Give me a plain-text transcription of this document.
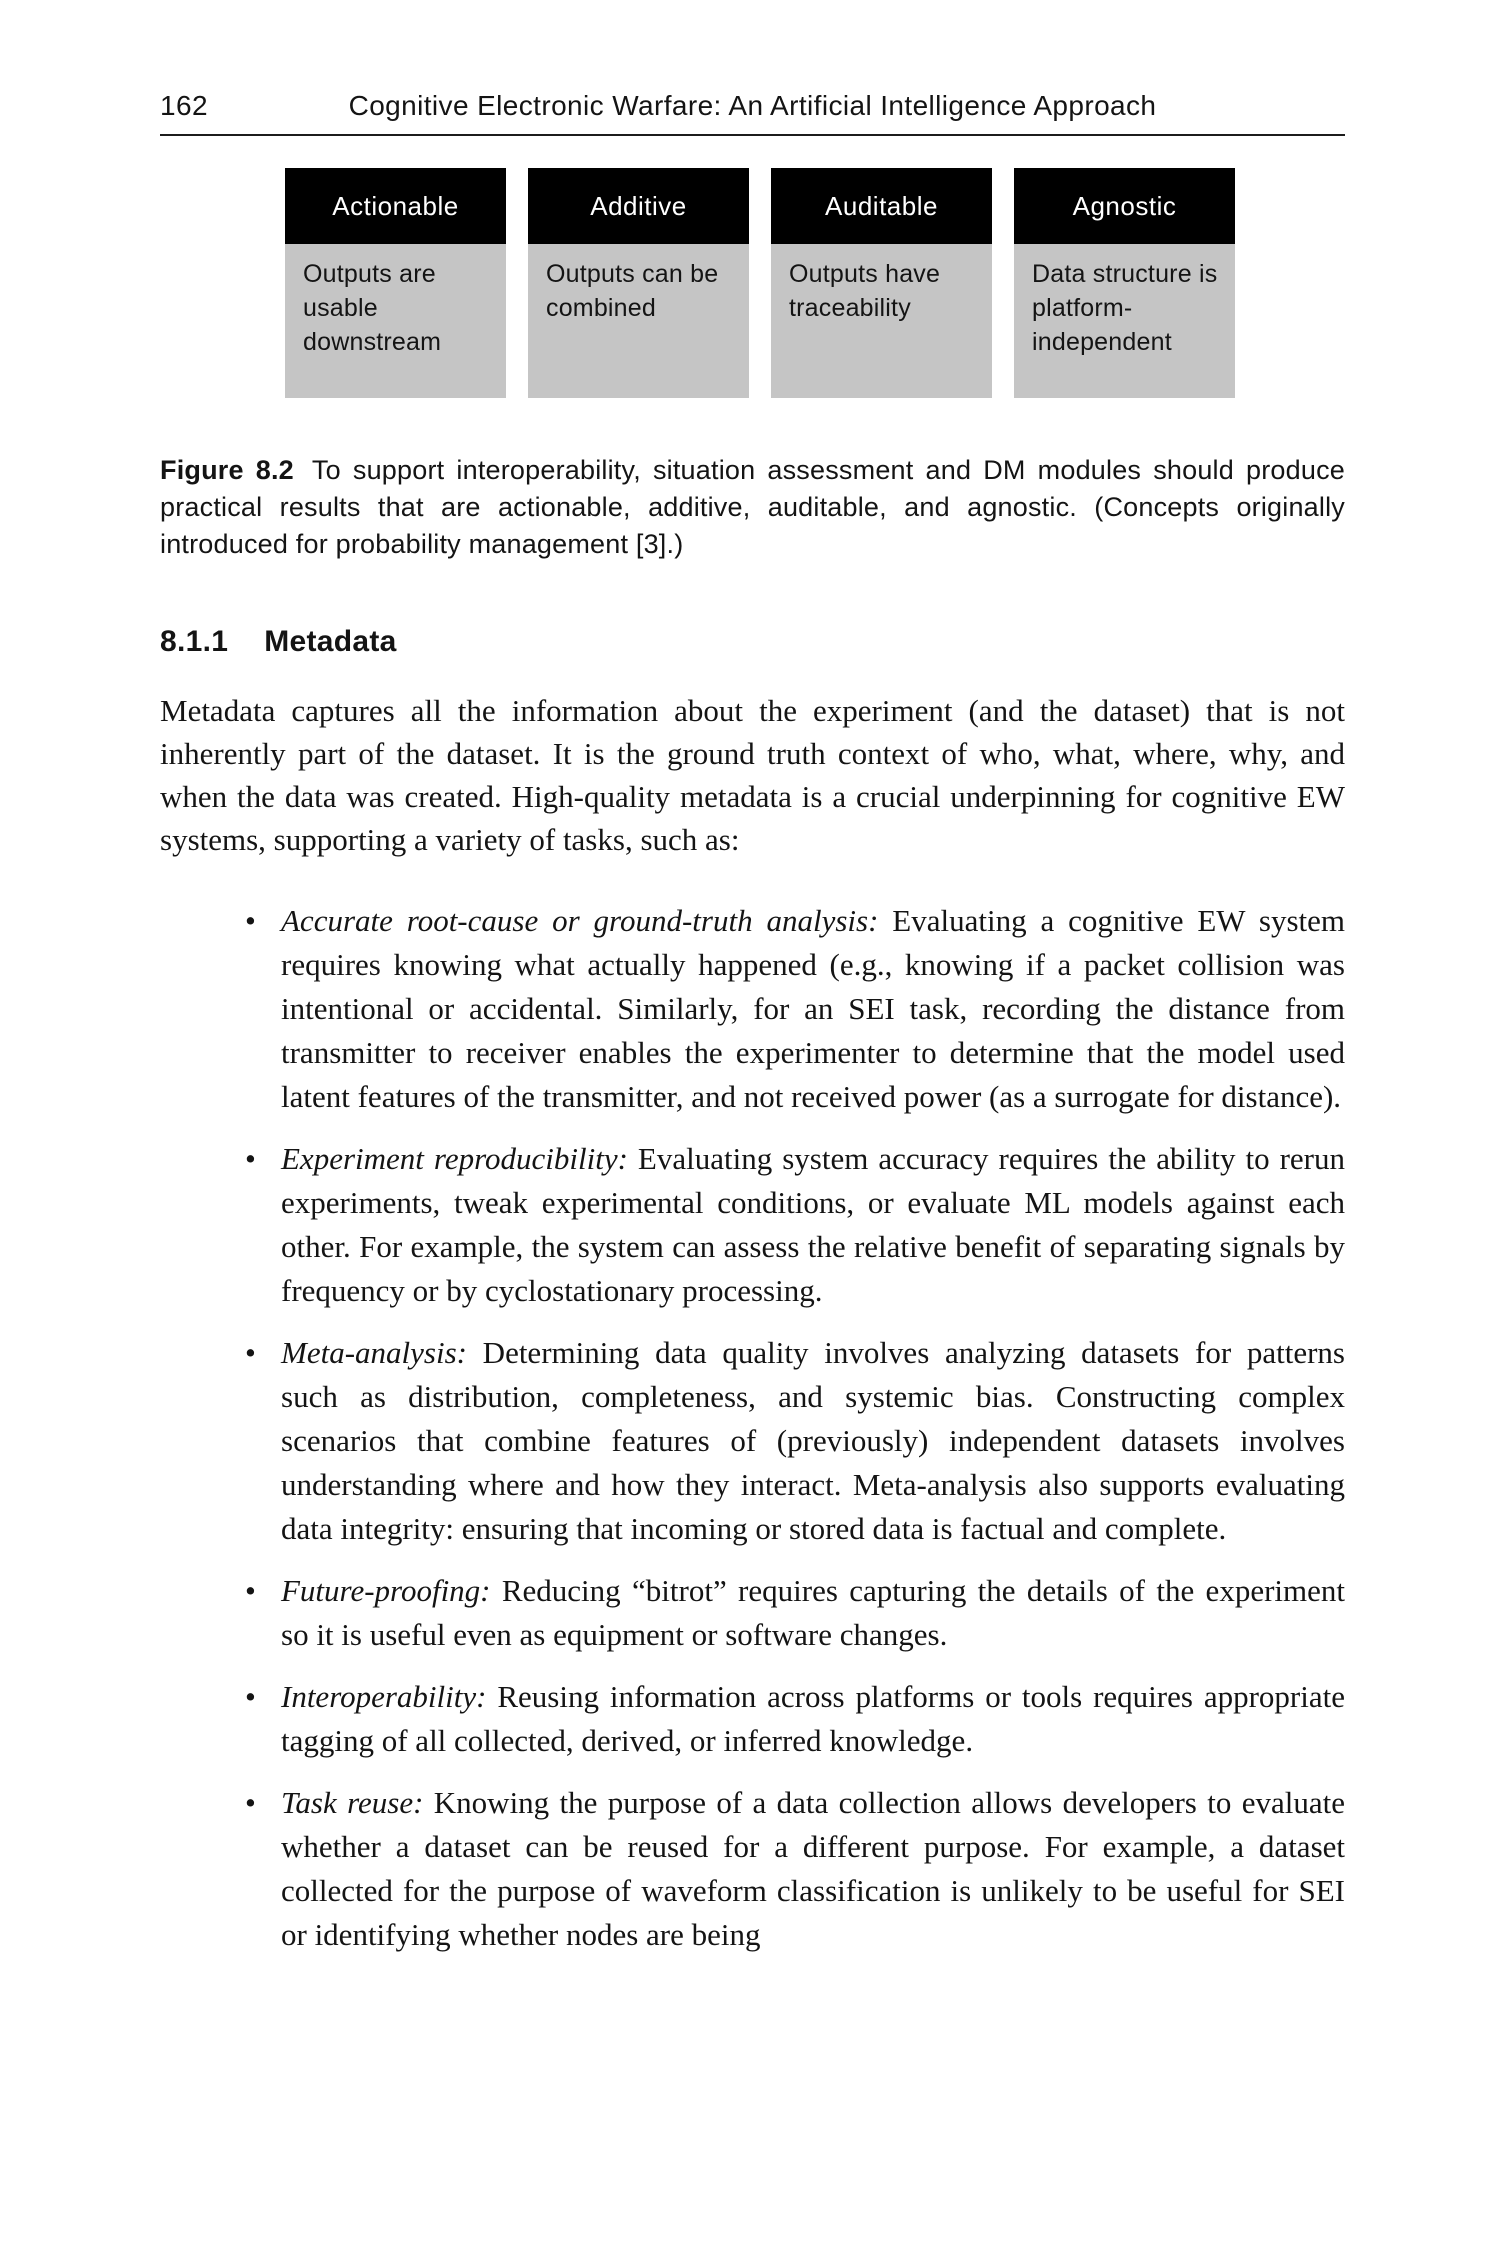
162	Cognitive Electronic Warfare: An Artificial Intelligence Approach
Actionable
Outputs are usable downstream
Additive
Outputs can be combined
Auditable
Outputs have traceability
Agnostic
Data structure is platform-independent

Figure 8.2 To support interoperability, situation assessment and DM modules should produce practical results that are actionable, additive, auditable, and agnostic. (Concepts originally introduced for probability management [3].)

8.1.1 Metadata

Metadata captures all the information about the experiment (and the dataset) that is not inherently part of the dataset. It is the ground truth context of who, what, where, why, and when the data was created. High-quality metadata is a crucial underpinning for cognitive EW systems, supporting a variety of tasks, such as:

• Accurate root-cause or ground-truth analysis: Evaluating a cognitive EW system requires knowing what actually happened (e.g., knowing if a packet collision was intentional or accidental. Similarly, for an SEI task, recording the distance from transmitter to receiver enables the experimenter to determine that the model used latent features of the transmitter, and not received power (as a surrogate for distance).
• Experiment reproducibility: Evaluating system accuracy requires the ability to rerun experiments, tweak experimental conditions, or evaluate ML models against each other. For example, the system can assess the relative benefit of separating signals by frequency or by cyclostationary processing.
• Meta-analysis: Determining data quality involves analyzing datasets for patterns such as distribution, completeness, and systemic bias. Constructing complex scenarios that combine features of (previously) independent datasets involves understanding where and how they interact. Meta-analysis also supports evaluating data integrity: ensuring that incoming or stored data is factual and complete.
• Future-proofing: Reducing “bitrot” requires capturing the details of the experiment so it is useful even as equipment or software changes.
• Interoperability: Reusing information across platforms or tools requires appropriate tagging of all collected, derived, or inferred knowledge.
• Task reuse: Knowing the purpose of a data collection allows developers to evaluate whether a dataset can be reused for a different purpose. For example, a dataset collected for the purpose of waveform classification is unlikely to be useful for SEI or identifying whether nodes are being
